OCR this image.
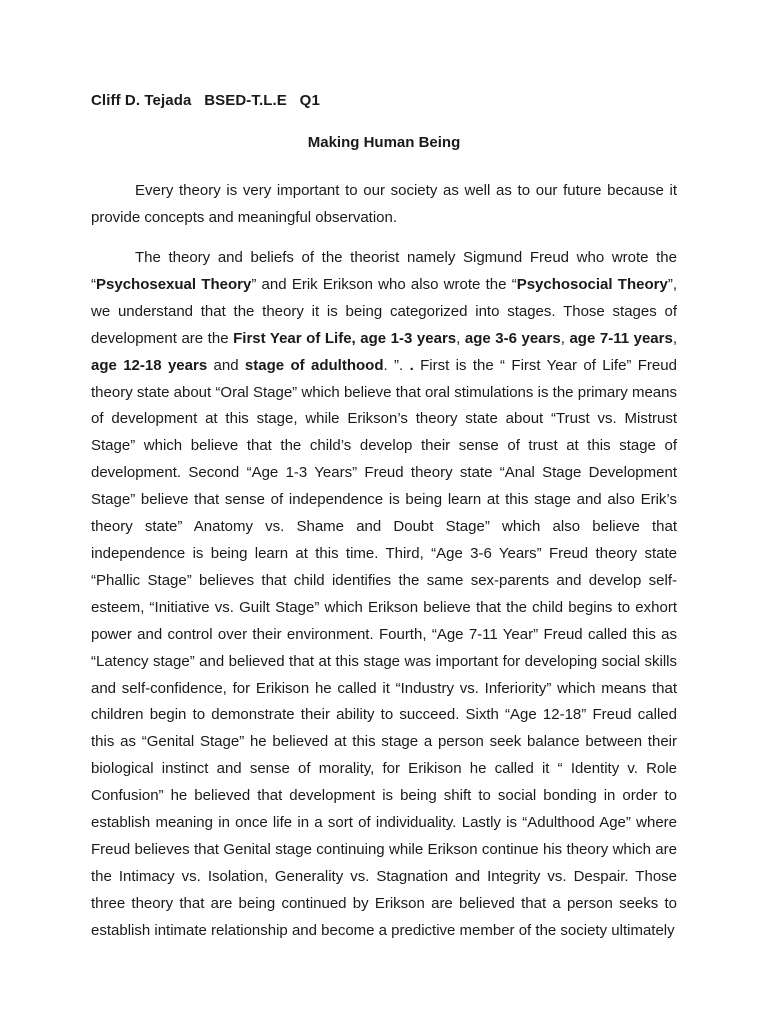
Cliff D. Tejada   BSED-T.L.E   Q1
Making Human Being

Every theory is very important to our society as well as to our future because it provide concepts and meaningful observation.

The theory and beliefs of the theorist namely Sigmund Freud who wrote the “Psychosexual Theory” and Erik Erikson who also wrote the “Psychosocial Theory”, we understand that the theory it is being categorized into stages. Those stages of development are the First Year of Life, age 1-3 years, age 3-6 years, age 7-11 years, age 12-18 years and stage of adulthood. ”. . First is the “ First Year of Life” Freud theory state about “Oral Stage” which believe that oral stimulations is the primary means of development at this stage, while Erikson’s theory state about “Trust vs. Mistrust Stage” which believe that the child’s develop their sense of trust at this stage of development. Second “Age 1-3 Years” Freud theory state “Anal Stage Development Stage” believe that sense of independence is being learn at this stage and also Erik’s theory state” Anatomy vs. Shame and Doubt Stage” which also believe that independence is being learn at this time. Third, “Age 3-6 Years” Freud theory state “Phallic Stage” believes that child identifies the same sex-parents and develop self-esteem, “Initiative vs. Guilt Stage” which Erikson believe that the child begins to exhort power and control over their environment. Fourth, “Age 7-11 Year” Freud called this as “Latency stage” and believed that at this stage was important for developing social skills and self-confidence, for Erikison he called it “Industry vs. Inferiority” which means that children begin to demonstrate their ability to succeed. Sixth “Age 12-18” Freud called this as “Genital Stage” he believed at this stage a person seek balance between their biological instinct and sense of morality, for Erikison he called it “ Identity v. Role Confusion” he believed that development is being shift to social bonding in order to establish meaning in once life in a sort of individuality. Lastly is “Adulthood Age” where Freud believes that Genital stage continuing while Erikson continue his theory which are the Intimacy vs. Isolation, Generality vs. Stagnation and Integrity vs. Despair. Those three theory that are being continued by Erikson are believed that a person seeks to establish intimate relationship and become a predictive member of the society ultimately
